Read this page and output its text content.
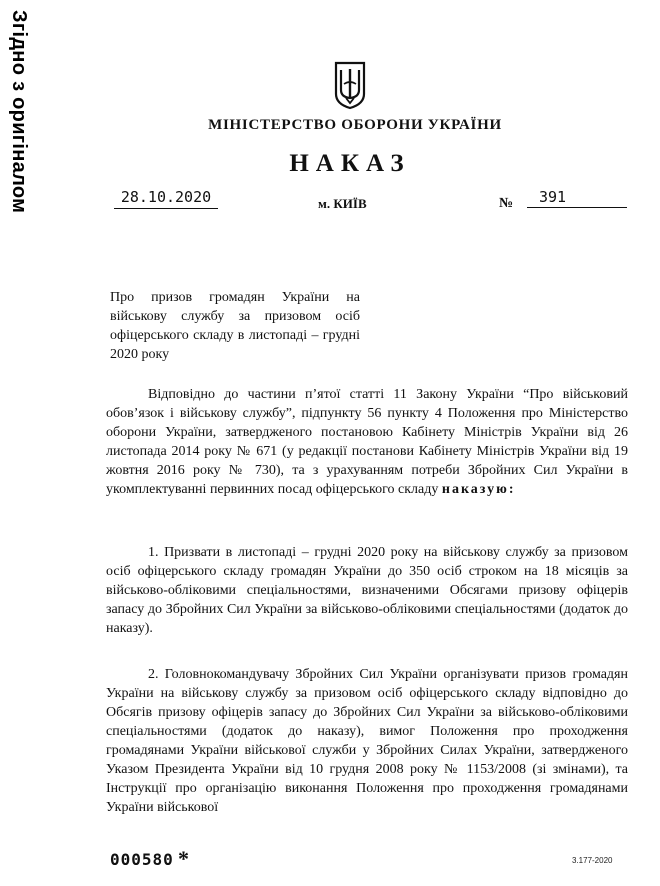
Згідно з оригіналом	МІНІСТЕРСТВО ОБОРОНИ УКРАЇНИ
НАКАЗ
28.10.2020	м. КИЇВ	№	391
Про призов громадян України на військову службу за призовом осіб офіцерського складу в листопаді – грудні 2020 року

Відповідно до частини п’ятої статті 11 Закону України “Про військовий обов’язок і військову службу”, підпункту 56 пункту 4 Положення про Міністерство оборони України, затвердженого постановою Кабінету Міністрів України від 26 листопада 2014 року № 671 (у редакції постанови Кабінету Міністрів України від 19 жовтня 2016 року № 730), та з урахуванням потреби Збройних Сил України в укомплектуванні первинних посад офіцерського складу наказую:

1. Призвати в листопаді – грудні 2020 року на військову службу за призовом осіб офіцерського складу громадян України до 350 осіб строком на 18 місяців за військово-обліковими спеціальностями, визначеними Обсягами призову офіцерів запасу до Збройних Сил України за військово-обліковими спеціальностями (додаток до наказу).

2. Головнокомандувачу Збройних Сил України організувати призов громадян України на військову службу за призовом осіб офіцерського складу відповідно до Обсягів призову офіцерів запасу до Збройних Сил України за військово-обліковими спеціальностями (додаток до наказу), вимог Положення про проходження громадянами України військової служби у Збройних Силах України, затвердженого Указом Президента України від 10 грудня 2008 року № 1153/2008 (зі змінами), та Інструкції про організацію виконання Положення про проходження громадянами України військової

000580 *	3.177-2020
